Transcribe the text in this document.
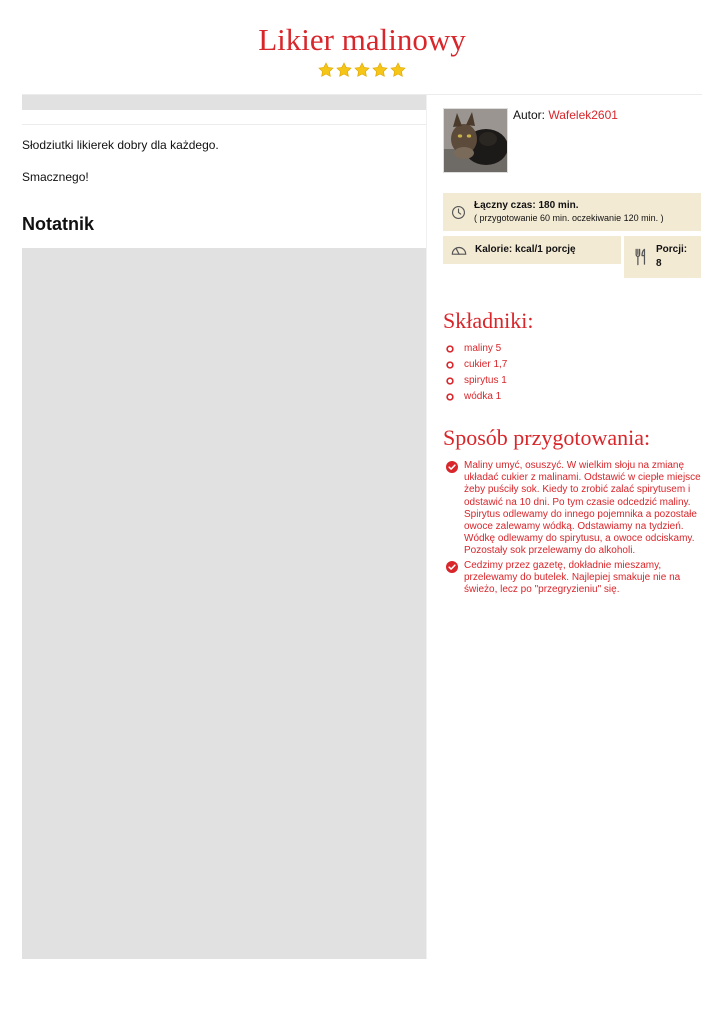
Likier malinowy
Słodziutki likierek dobry dla każdego.
Smacznego!
Notatnik
Autor: Wafelek2601
Łączny czas: 180 min.
( przygotowanie 60 min. oczekiwanie 120 min. )
Kalorie: kcal/1 porcję	Porcji:
8
Składniki:
maliny 5
cukier 1,7
spirytus 1
wódka 1
Sposób przygotowania:
Maliny umyć, osuszyć. W wielkim słoju na zmianę układać cukier z malinami. Odstawić w ciepłe miejsce żeby puściły sok. Kiedy to zrobić zalać spirytusem i odstawić na 10 dni. Po tym czasie odcedzić maliny. Spirytus odlewamy do innego pojemnika a pozostałe owoce zalewamy wódką. Odstawiamy na tydzień. Wódkę odlewamy do spirytusu, a owoce odciskamy. Pozostały sok przelewamy do alkoholi.
Cedzimy przez gazetę, dokładnie mieszamy, przelewamy do butelek. Najlepiej smakuje nie na świeżo, lecz po "przegryzieniu" się.
